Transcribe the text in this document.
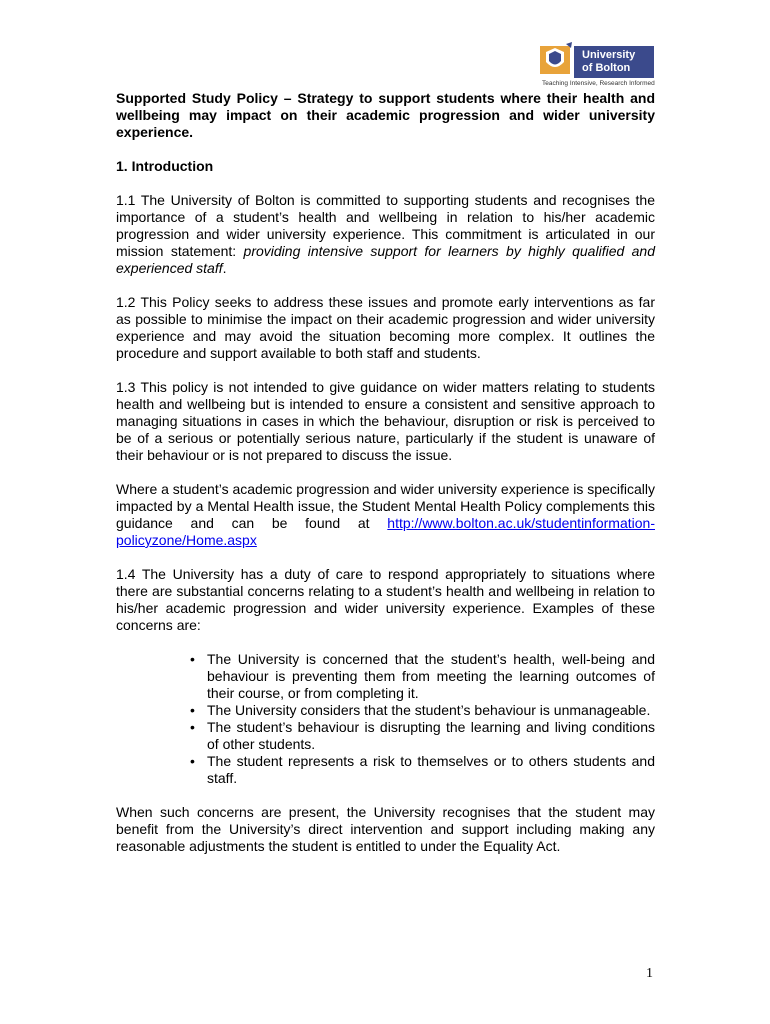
University
of Bolton
Teaching Intensive, Research Informed

Supported Study Policy – Strategy to support students where their health and wellbeing may impact on their academic progression and wider university experience.

1. Introduction

1.1 The University of Bolton is committed to supporting students and recognises the importance of a student’s health and wellbeing in relation to his/her academic progression and wider university experience. This commitment is articulated in our mission statement: providing intensive support for learners by highly qualified and experienced staff.

1.2 This Policy seeks to address these issues and promote early interventions as far as possible to minimise the impact on their academic progression and wider university experience and may avoid the situation becoming more complex. It outlines the procedure and support available to both staff and students.

1.3 This policy is not intended to give guidance on wider matters relating to students health and wellbeing but is intended to ensure a consistent and sensitive approach to managing situations in cases in which the behaviour, disruption or risk is perceived to be of a serious or potentially serious nature, particularly if the student is unaware of their behaviour or is not prepared to discuss the issue.

Where a student’s academic progression and wider university experience is specifically impacted by a Mental Health issue, the Student Mental Health Policy complements this guidance and can be found at http://www.bolton.ac.uk/studentinformation-policyzone/Home.aspx

1.4 The University has a duty of care to respond appropriately to situations where there are substantial concerns relating to a student’s health and wellbeing in relation to his/her academic progression and wider university experience. Examples of these concerns are:

• The University is concerned that the student’s health, well-being and behaviour is preventing them from meeting the learning outcomes of their course, or from completing it.
• The University considers that the student’s behaviour is unmanageable.
• The student’s behaviour is disrupting the learning and living conditions of other students.
• The student represents a risk to themselves or to others students and staff.

When such concerns are present, the University recognises that the student may benefit from the University’s direct intervention and support including making any reasonable adjustments the student is entitled to under the Equality Act.

1
